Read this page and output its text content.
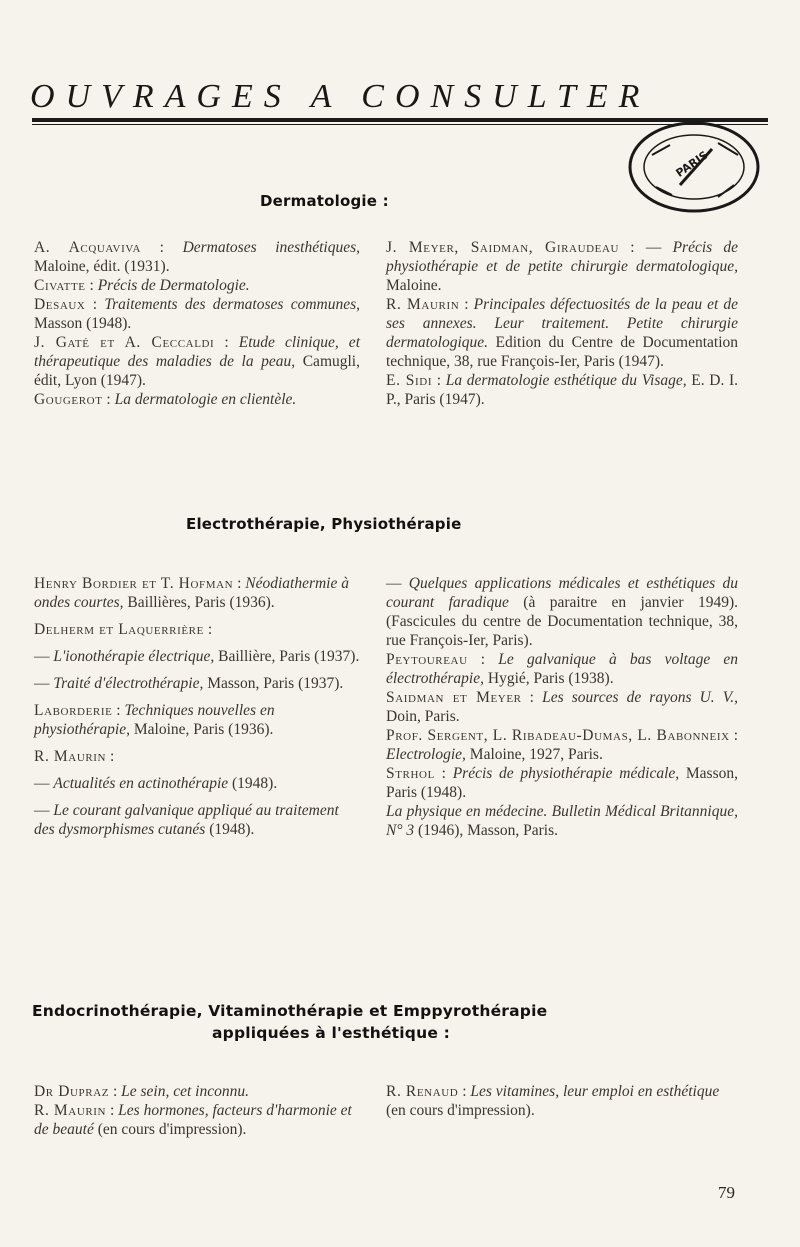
OUVRAGES A CONSULTER
PARIS
Dermatologie :
A. Acquaviva : Dermatoses inesthétiques, Maloine, édit. (1931).
Civatte : Précis de Dermatologie.
Desaux : Traitements des dermatoses communes, Masson (1948).
J. Gaté et A. Ceccaldi : Etude clinique, et thérapeutique des maladies de la peau, Camugli, édit, Lyon (1947).
Gougerot : La dermatologie en clientèle.
J. Meyer, Saidman, Giraudeau : — Précis de physiothérapie et de petite chirurgie dermatologique, Maloine.
R. Maurin : Principales défectuosités de la peau et de ses annexes. Leur traitement. Petite chirurgie dermatologique. Edition du Centre de Documentation technique, 38, rue François-Ier, Paris (1947).
E. Sidi : La dermatologie esthétique du Visage, E. D. I. P., Paris (1947).
Electrothérapie, Physiothérapie
Henry Bordier et T. Hofman : Néodiathermie à ondes courtes, Baillières, Paris (1936).
Delherm et Laquerrière :
— L'ionothérapie électrique, Baillière, Paris (1937).
— Traité d'électrothérapie, Masson, Paris (1937).
Laborderie : Techniques nouvelles en physiothérapie, Maloine, Paris (1936).
R. Maurin :
— Actualités en actinothérapie (1948).
— Le courant galvanique appliqué au traitement des dysmorphismes cutanés (1948).
— Quelques applications médicales et esthétiques du courant faradique (à paraitre en janvier 1949). (Fascicules du centre de Documentation technique, 38, rue François-Ier, Paris).
Peytoureau : Le galvanique à bas voltage en électrothérapie, Hygié, Paris (1938).
Saidman et Meyer : Les sources de rayons U. V., Doin, Paris.
Prof. Sergent, L. Ribadeau-Dumas, L. Babonneix : Electrologie, Maloine, 1927, Paris.
Strhol : Précis de physiothérapie médicale, Masson, Paris (1948).
La physique en médecine. Bulletin Médical Britannique, N° 3 (1946), Masson, Paris.
Endocrinothérapie, Vitaminothérapie et Emppyrothérapie
appliquées à l'esthétique :
Dr Dupraz : Le sein, cet inconnu.
R. Maurin : Les hormones, facteurs d'harmonie et de beauté (en cours d'impression).
R. Renaud : Les vitamines, leur emploi en esthétique (en cours d'impression).
79
